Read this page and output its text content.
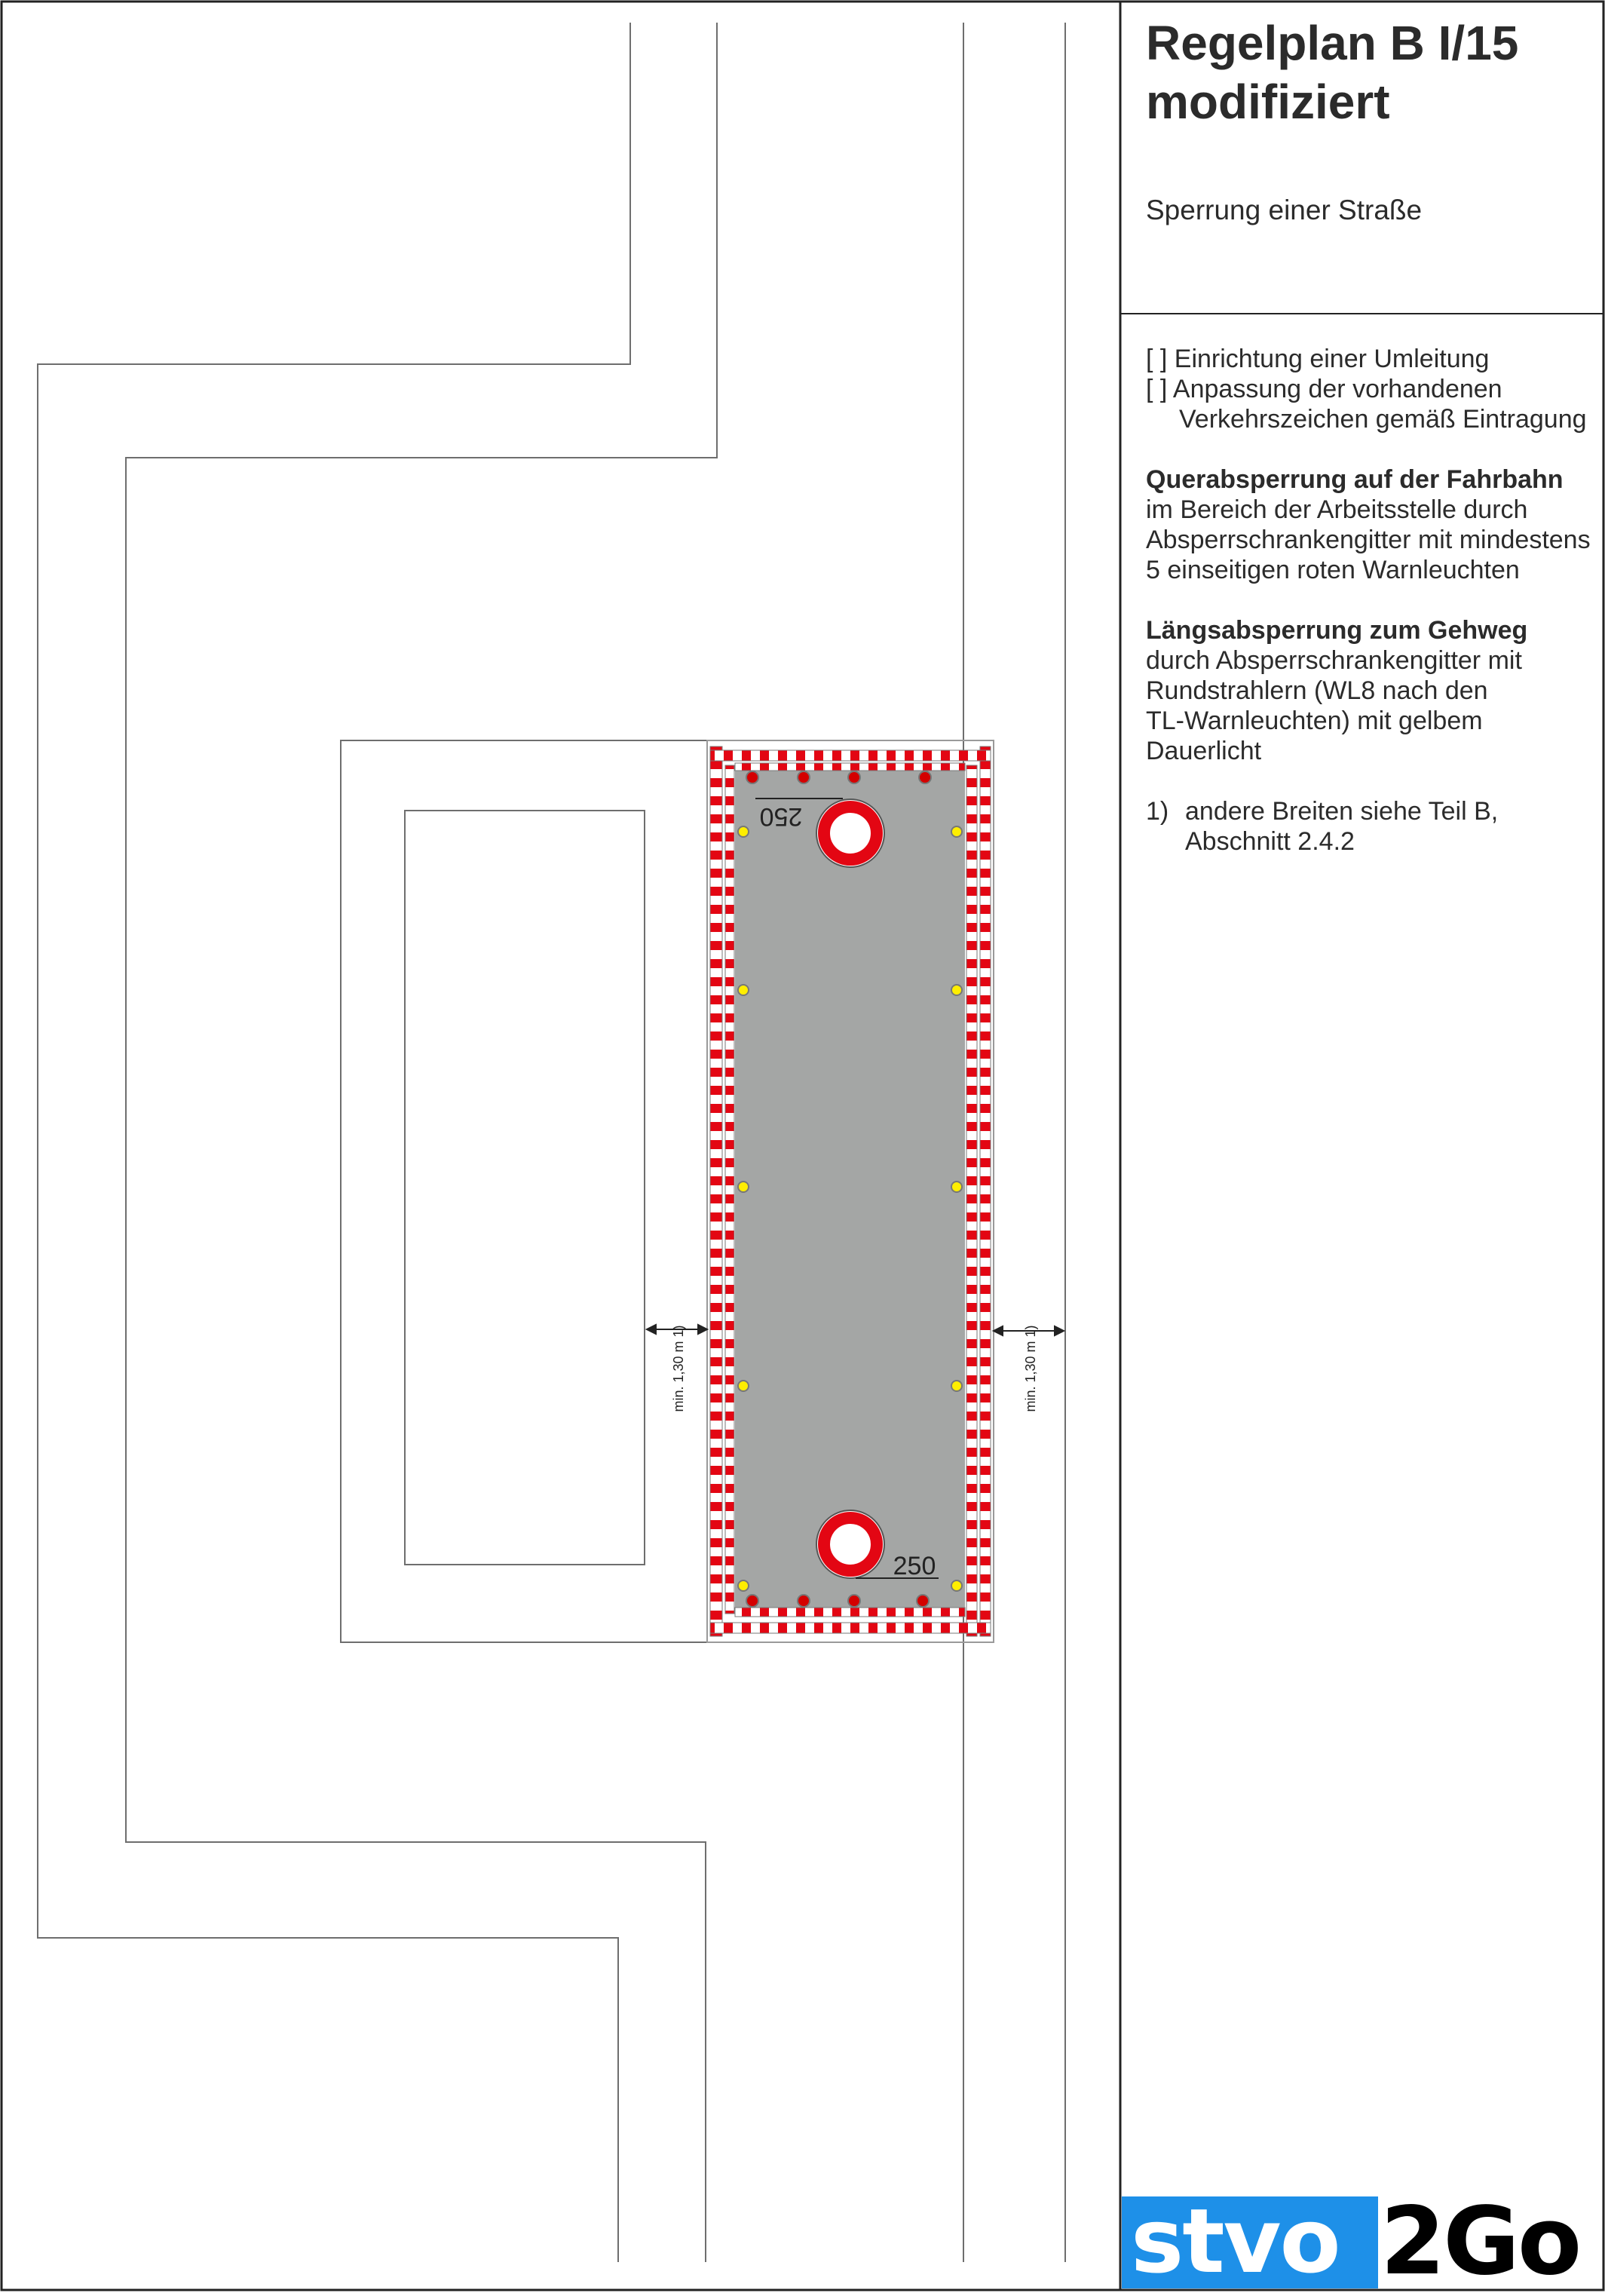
250
250
min. 1,30 m 1)	min. 1,30 m 1)
Regelplan B I/15
modifiziert
Sperrung einer Straße

[ ] Einrichtung einer Umleitung

[ ] Anpassung der vorhandenen

Verkehrszeichen gemäß Eintragung

Querabsperrung auf der Fahrbahn

im Bereich der Arbeitsstelle durch

Absperrschrankengitter mit mindestens

5 einseitigen roten Warnleuchten

Längsabsperrung zum Gehweg

durch Absperrschrankengitter mit

Rundstrahlern (WL8 nach den

TL-Warnleuchten) mit gelbem Dauerlicht

1) andere Breiten siehe Teil B,

Abschnitt 2.4.2

stvo 2Go
